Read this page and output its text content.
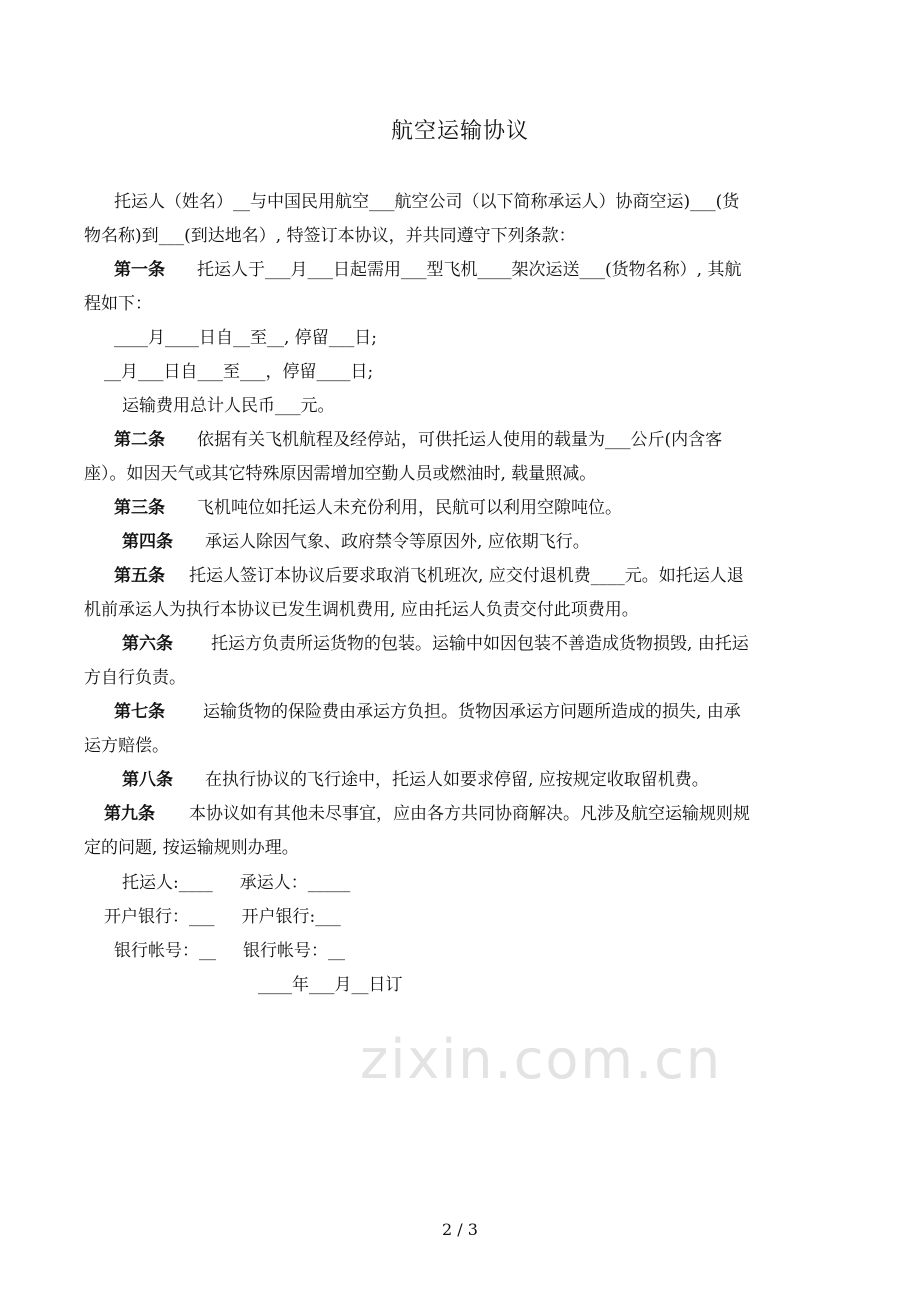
航空运输协议
托运人（姓名）__与中国民用航空___航空公司（以下简称承运人）协商空运)___(货
物名称)到___(到达地名）, 特签订本协议，并共同遵守下列条款：
第一条 托运人于___月___日起需用___型飞机____架次运送___(货物名称）, 其航
程如下：
____月____日自__至__, 停留___日;
__月___日自___至___，停留____日;
运输费用总计人民币___元。
第二条 依据有关飞机航程及经停站，可供托运人使用的载量为___公斤(内含客
座）。如因天气或其它特殊原因需增加空勤人员或燃油时, 载量照减。
第三条 飞机吨位如托运人未充份利用，民航可以利用空隙吨位。
第四条 承运人除因气象、政府禁令等原因外, 应依期飞行。
第五条 托运人签订本协议后要求取消飞机班次, 应交付退机费____元。如托运人退
机前承运人为执行本协议已发生调机费用, 应由托运人负责交付此项费用。
第六条 托运方负责所运货物的包装。运输中如因包装不善造成货物损毁, 由托运
方自行负责。
第七条 运输货物的保险费由承运方负担。货物因承运方问题所造成的损失, 由承
运方赔偿。
第八条 在执行协议的飞行途中，托运人如要求停留, 应按规定收取留机费。
第九条 本协议如有其他未尽事宜，应由各方共同协商解决。凡涉及航空运输规则规
定的问题, 按运输规则办理。
托运人:____     承运人：_____
开户银行：___     开户银行:___
银行帐号：__     银行帐号：__
____年___月__日订
zixin.com.cn
2 / 3
